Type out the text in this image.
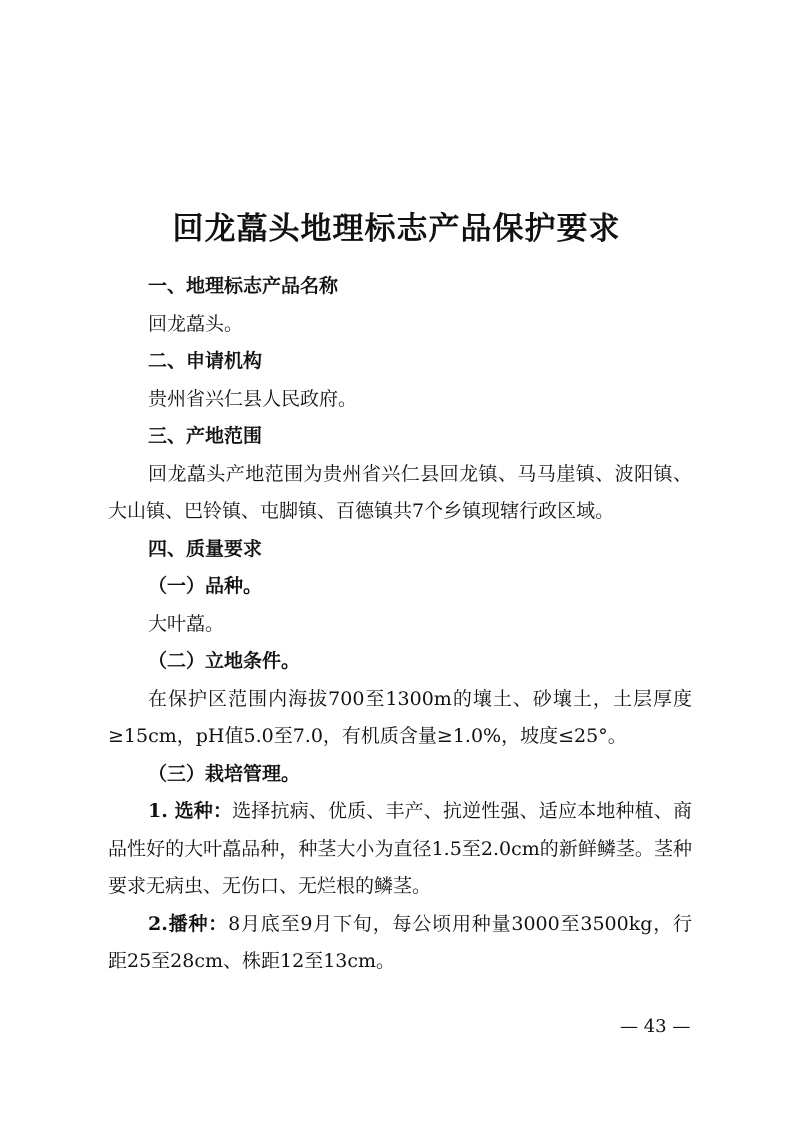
回龙藠头地理标志产品保护要求

一、地理标志产品名称

回龙藠头。

二、申请机构

贵州省兴仁县人民政府。

三、产地范围

回龙藠头产地范围为贵州省兴仁县回龙镇、马马崖镇、波阳镇、大山镇、巴铃镇、屯脚镇、百德镇共7个乡镇现辖行政区域。

四、质量要求

（一）品种。

大叶藠。

（二）立地条件。

在保护区范围内海拔700至1300m的壤土、砂壤土，土层厚度≥15cm，pH值5.0至7.0，有机质含量≥1.0%，坡度≤25°。

（三）栽培管理。

1. 选种：选择抗病、优质、丰产、抗逆性强、适应本地种植、商品性好的大叶藠品种，种茎大小为直径1.5至2.0cm的新鲜鳞茎。茎种要求无病虫、无伤口、无烂根的鳞茎。

2.播种：8月底至9月下旬，每公顷用种量3000至3500kg，行距25至28cm、株距12至13cm。

— 43 —
